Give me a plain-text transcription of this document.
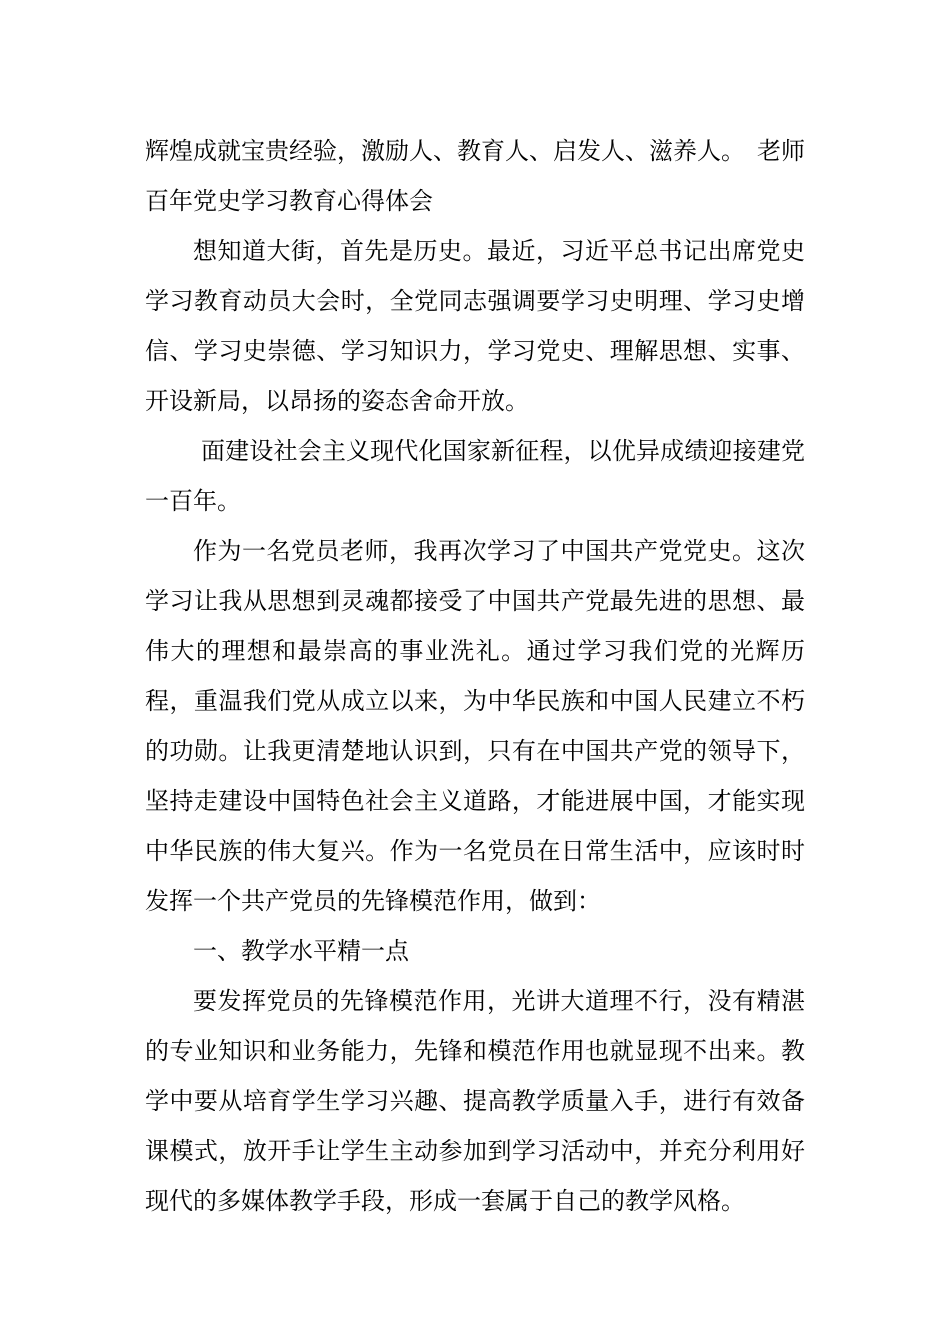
辉煌成就宝贵经验，激励人、教育人、启发人、滋养人。 老师

百年党史学习教育心得体会

想知道大街，首先是历史。最近，习近平总书记出席党史学习教育动员大会时，全党同志强调要学习史明理、学习史增信、学习史崇德、学习知识力，学习党史、理解思想、实事、开设新局，以昂扬的姿态舍命开放。

面建设社会主义现代化国家新征程，以优异成绩迎接建党一百年。

作为一名党员老师，我再次学习了中国共产党党史。这次学习让我从思想到灵魂都接受了中国共产党最先进的思想、最伟大的理想和最崇高的事业洗礼。通过学习我们党的光辉历程，重温我们党从成立以来，为中华民族和中国人民建立不朽的功勋。让我更清楚地认识到，只有在中国共产党的领导下，坚持走建设中国特色社会主义道路，才能进展中国，才能实现中华民族的伟大复兴。作为一名党员在日常生活中，应该时时发挥一个共产党员的先锋模范作用，做到：

一、教学水平精一点

要发挥党员的先锋模范作用，光讲大道理不行，没有精湛的专业知识和业务能力，先锋和模范作用也就显现不出来。教学中要从培育学生学习兴趣、提高教学质量入手，进行有效备课模式，放开手让学生主动参加到学习活动中，并充分利用好现代的多媒体教学手段，形成一套属于自己的教学风格。
